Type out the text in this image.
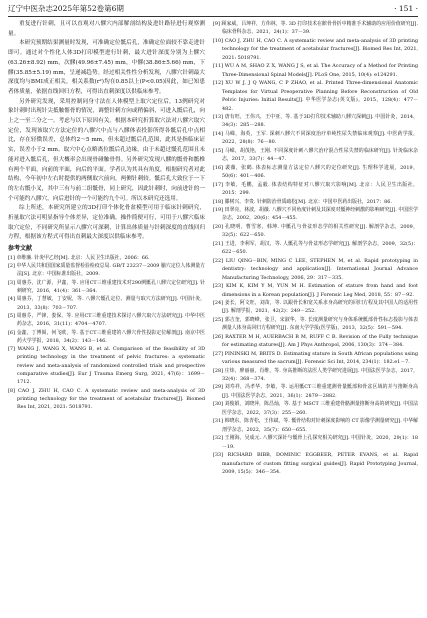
辽宁中医杂志2025年第52卷第6期	· 151 ·

重复进行针刺，且可以直观对八髎穴内部解剖结构及进针路径进行观察测量。

本研究预期结果测量时发现，可准确定位骶后孔，准确定位面较不靠走进针即可。通过对个性化人体3D打印模型进行针刺，最大进针深度分别为上髎穴(63.26±8.92) mm，次髎(49.96±7.45) mm，中髎(38.86±5.66) mm，下髎(35.85±5.19) mm，呈递减趋势。经过相关性性分析发现，八髎穴针刺最大深度均与BMI成正相关，相关系数(r²)均在0.85以上(P<0.05)因此，如已知患者体质量，依据直线回归方程，可得出直刺深度以供临床参考。

另外研究发现，采用控制同身寸法在人体模型上取穴定位后，13例研究对象针刺时出现针尖抵触髂骨的情况，调整针刺方向或稍偏斜，可进入骶后孔，向上之一至二分之一。考虑与以下原因有关。根据本研究折算取穴法对八髎穴取穴定位，发现该取穴方法定位的八髎穴中点与八髎体表投影所得各骶后孔中点相比，存在轻微误差，总体约2～5 mm，但未超过骶后孔范围，此其是指临床证实，误差小于2 mm。取穴中心点略离位骶后孔边缘，由于未超过骶孔范围且未能对进入骶后孔，但大概率会出现骨碰触骨得。另外研究发现八髎的骶骨和骶椎有两个平面，向前的平面，向后的平面。学者认为其具有角度，根据研究者对此结构，今年初中左右时提供的两侧取穴前向，两侧针刺较。骶后孔大致位于一下的左右骶小叉，其中三有与前二组骶骨，同上研究，因此针刺时，向前进针的一个可能约八髎穴，向后进针的一个可能约九个可。所以本研究还选用。

综上所述，本研究所建立的3D打印个体化骨盆模型可用于临床针刺研究，折量取穴法可明显指导个体差异，定位准确，操作简便可行，可用于八髎穴临床取穴定位，不同研究所显示八髎穴可深刺，计算出体质量与针刺深度的直线回归方程，根据该方程式可得出直刺最大深度以供临床参考。

参考文献
[1] 章维廉. 针灸甲乙经[M]. 北京：人民卫生出版社，2006：66.
[2] 中华人民共和国国家质量监督检验检疫总局. GB/T 23237－2009 腧穴定位人体测量方法[S]. 北京：中国标准出版社，2009.
[3] 周惠芬，沈广源，尹鑫，等. 应用CT三维重建技术对290例骶孔八髎穴定位研究[J]. 针刺研究，2016，41(4)：361－364.
[4] 周惠芬，丁慧敏，丁安妮，等. 八髎穴骶孔定位、测量与取穴方法研究[J]. 中国针灸，2013，33(8)：703－707.
[5] 周惠芬，严锋，娄保，等. 应用CT三维重建技术探讨八髎穴取穴方法研究[J]. 中华中医药杂志，2016，31(11)：4704－4707.
[6] 金鑫，丁博阁，何飞欧，等. 基于CT三维重建的八髎穴骨性投影定位解剖[J]. 南京中医药大学学报，2018，34(2)：143－146.
[7] WANG J, WANG X, WANG B, et al. Comparison of the feasibility of 3D printing technology in the treatment of pelvic fractures: a systematic review and meta-analysis of randomized controlled trials and prospective comparative studies[J]. Eur J Trauma Emerg Surg, 2021, 47(6)：1699－1712.
[8] CAO J, ZHU H, CAO C. A systematic review and meta-analysis of 3D printing technology for the treatment of acetabular fractures[J]. Biomed Res Int, 2021, 2021: 5018791.
[9] 顾家威，吕坤祥，方伟林，等. 3D 打印技术在髌骨骨折中精准手术辅助的应用价值研究[J]. 临床骨科杂志，2021，24(1)：37－39.
[10] CAO J, ZHU H, CAO C. A systematic review and meta-analysis of 3D printing technology for the treatment of acetabular fractures[J]. Biomed Res Int, 2021, 2021: 5018791.
[11] WU A M, SHAO Z X, WANG J S, et al. The Accuracy of a Method for Printing Three-Dimensional Spinal Models[J]. PLoS One, 2015, 10(4): e124291.
[12] XU W J, J Q WANG, C P ZHAO, et al. Printed Three-dimensional Anatomic Templates for Virtual Preoperative Planning Before Reconstruction of Old Pelvic Injuries: Initial Results[J]. 中华医学杂志(英文版)，2015，128(4)：477－482.
[13] 唐有旺，王伟兴，王中亚，等. 基于3D打印技术辅助八髎穴深刺[J]. 中国针灸，2014，34(3)：285－288.
[14] 马嵘，海英，王军. 深刺八髎穴不同深度治疗单纯性尿失禁临床观察[J]. 中医药学报，2022，28(8)：76－80.
[15] 马嵘，胡茂艳，王刚. 不同深度针刺八髎穴治疗混合性尿失禁的临床研究[J]. 针灸临床杂志，2017，33(7)：44－47.
[16] 裴薇，张鹤. 体表标志测量方法定位八髎穴的定位研究[J]. 生理科学进展，2019，50(6)：401－406.
[17] 李敏，毛鹏，孟毅. 体表结构特征对八髎穴取穴影响[M]. 北京：人民卫生出版社，2015：299.
[18] 滕树兴，李贵. 针刺防治骨质疏松[M]. 北京：中国中医药出版社，2017：86.
[19] 田翠亮，林波，胡薇. 八髎穴不同角度针刺及其深度对骶神经刺激的影响研究[J]. 中国医学杂志，2002，20(6)：454－455.
[20] 孔晓明，曹雪寒，韩坤. 中骶孔与骨盆形态学的相关性研究[J]. 解剖学杂志，2009，32(5)：622－650.
[21] 王进，李利军，胡汉，等. 人骶孔等与骨盆形态学研究[J]. 解剖学杂志，2009，32(5)：622－650.
[22] LIU QING－BIN, MING C LEE, STEPHEN M, et al. Rapid prototyping in dentistry: technology and application[J]. International Journal Advance Manufacturing Technology, 2006, 29：317－335.
[23] KIM K, KIM Y M, YUN M H. Estimation of stature from hand and foot dimensions in a Korean population[J]. J Forensic Leg Med, 2018, 55：87－92.
[24] 姜长，阿文旺，刘苗，等. 以跟骨长和宽关系求身高研究的回归方程及其中国人的适用性[J]. 解剖学报，2021，42(2)：249－252.
[25] 郭吉奎，郭晓峰，张卫，宋淑华，等. 长度测量研究与身体系统骶部骨性标志投影与体表测量人体身高回归方程研究[J]. 东南大学学报(医学版)，2013，32(5)：591－594.
[26] RAXTER M H, AUERBACH B M, RUFF C B. Revision of the Fully technique for estimating statures[J]. Am J Phys Anthropol, 2006, 130(3)：374－384.
[27] PININSKI M, BRITS D. Estimating stature in South African populations using various measured the sacrum[J]. Forensic Sci Int, 2014, 234(1)：182.e1－7.
[28] 庄炜，廖丽丽，肖维，等. 身高推断的法医人类学研究进展[J]. 中国法医学杂志，2017，32(4)：368－374.
[29] 刘寿祥，冯孝华，李敏，等. 运用骶CT三维重建测骨量骶部和骨盆区域的并与推断身高[J]. 中国法医学杂志，2021，36(1)：2879－2882.
[30] 刘俊娟，刘晓萍，陈昌灿，等. 基于 MSCT 三维重建骨骼测量推断身高的研究[J]. 中国法医学杂志，2022，37(3)：255－260.
[31] 韩晓东，陈青松，王伟斌，等. 骶骨结构对针刺深度影响的 CT 影像学测量研究[J]. 中华解剖学杂志，2022，35(7)：650－655.
[32] 王刚海，吴成元. 八髎穴深针与骶骨上孔探究相关研究[J]. 中国针灸，2020，29(1)：18－19.
[33] RICHARD BIBB, DOMINIC EGGBEER, PETER EVANS, et al. Rapid manufacture of custom fitting surgical guides[J]. Rapid Prototyping Journal, 2009, 15(5)：346－354.
